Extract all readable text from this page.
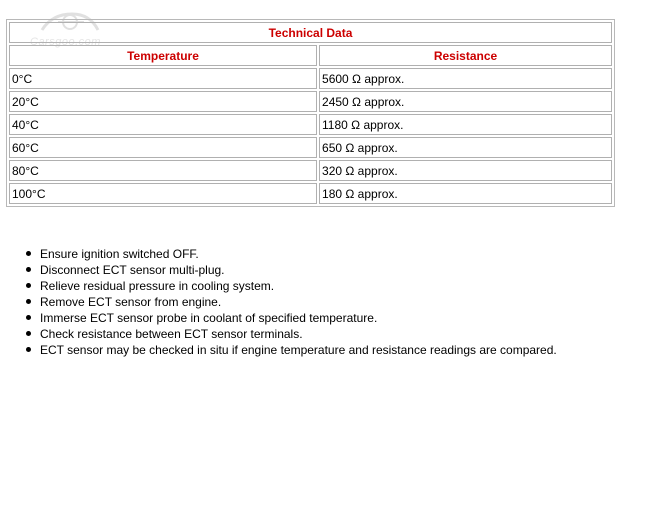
Carsgoo.com
Technical Data	
Temperature	Resistance
0°C	5600 Ω approx.
20°C	2450 Ω approx.
40°C	1180 Ω approx.
60°C	650 Ω approx.
80°C	320 Ω approx.
100°C	180 Ω approx.
Ensure ignition switched OFF.
Disconnect ECT sensor multi-plug.
Relieve residual pressure in cooling system.
Remove ECT sensor from engine.
Immerse ECT sensor probe in coolant of specified temperature.
Check resistance between ECT sensor terminals.
ECT sensor may be checked in situ if engine temperature and resistance readings are compared.
